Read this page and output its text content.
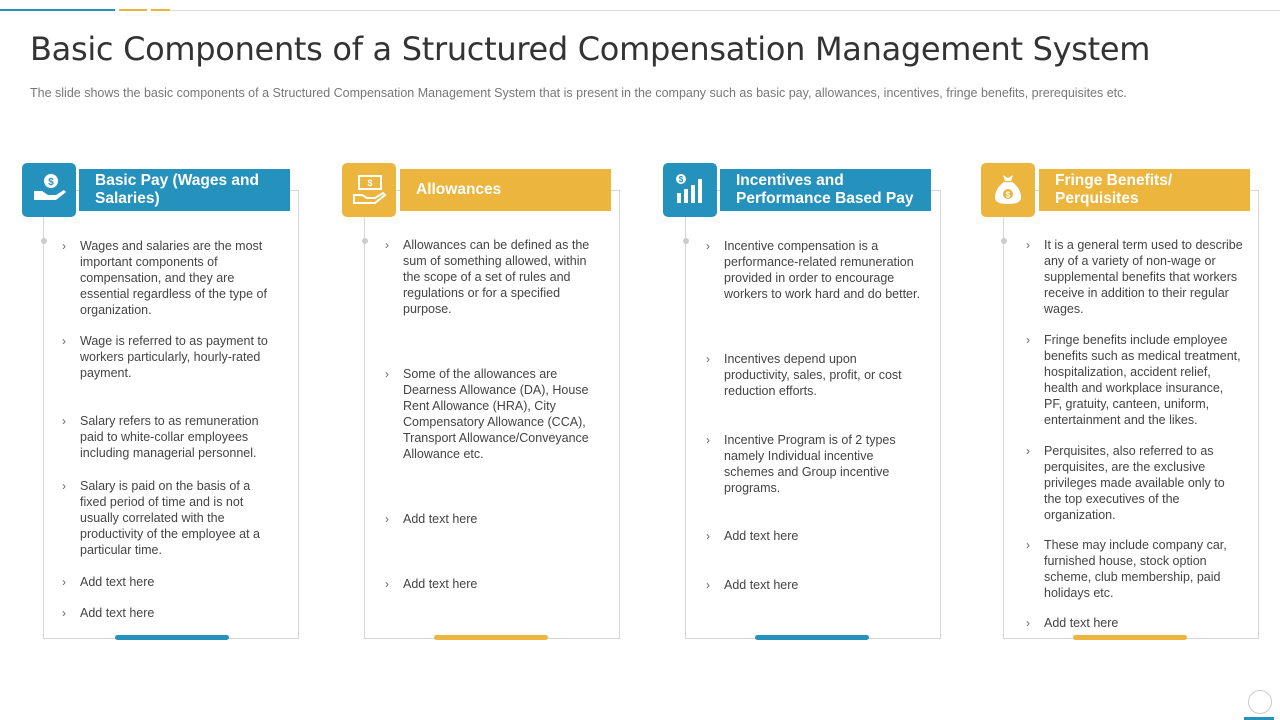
Basic Components of a Structured Compensation Management System
The slide shows the basic components of a Structured Compensation Management System that is present in the company such as basic pay, allowances, incentives, fringe benefits, prerequisites etc.
$	Basic Pay (Wages and Salaries)
› Wages and salaries are the most important components of compensation, and they are essential regardless of the type of organization.
› Wage is referred to as payment to workers particularly, hourly-rated payment.
› Salary refers to as remuneration paid to white-collar employees including managerial personnel.
› Salary is paid on the basis of a fixed period of time and is not usually correlated with the productivity of the employee at a particular time.
› Add text here
› Add text here
$	Allowances
› Allowances can be defined as the sum of something allowed, within the scope of a set of rules and regulations or for a specified purpose.
› Some of the allowances are Dearness Allowance (DA), House Rent Allowance (HRA), City Compensatory Allowance (CCA), Transport Allowance/Conveyance Allowance etc.
› Add text here
› Add text here
$	Incentives and Performance Based Pay
› Incentive compensation is a performance-related remuneration provided in order to encourage workers to work hard and do better.
› Incentives depend upon productivity, sales, profit, or cost reduction efforts.
› Incentive Program is of 2 types namely Individual incentive schemes and Group incentive programs.
› Add text here
› Add text here
$
Fringe Benefits/ Perquisites
› It is a general term used to describe any of a variety of non-wage or supplemental benefits that workers receive in addition to their regular wages.
› Fringe benefits include employee benefits such as medical treatment, hospitalization, accident relief, health and workplace insurance, PF, gratuity, canteen, uniform, entertainment and the likes.
› Perquisites, also referred to as perquisites, are the exclusive privileges made available only to the top executives of the organization.
› These may include company car, furnished house, stock option scheme, club membership, paid holidays etc.
› Add text here
